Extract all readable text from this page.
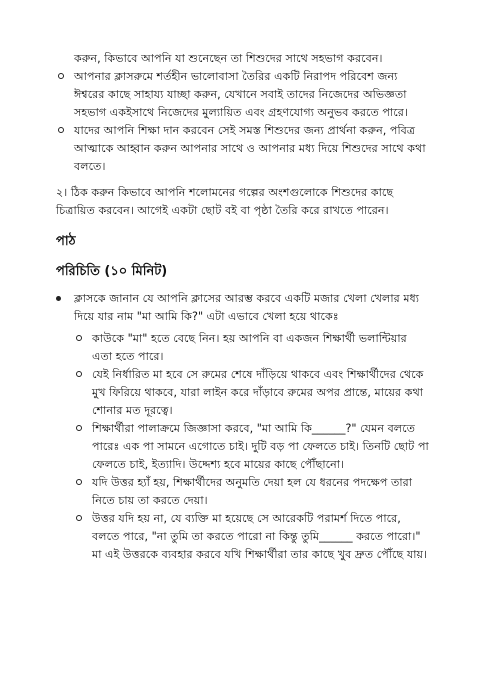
করুন, কিভাবে আপনি যা শুনেছেন তা শিশুদের সাথে সহভাগ করবেন।
আপনার ক্লাসরুমে শর্তহীন ভালোবাসা তৈরির একটি নিরাপদ পরিবেশ জন্য ঈশ্বরের কাছে সাহায্য যাচ্ছা করুন, যেখানে সবাই তাদের নিজেদের অভিজ্ঞতা সহভাগ একইসাথে নিজেদের মুল্যায়িত এবং গ্রহণযোগ্য অনুভব করতে পারে।
যাদের আপনি শিক্ষা দান করবেন সেই সমস্ত শিশুদের জন্য প্রার্থনা করুন, পবিত্র আত্মাকে আহ্বান করুন আপনার সাথে ও আপনার মধ্য দিয়ে শিশুদের সাথে কথা বলতে।

২। ঠিক করুন কিভাবে আপনি শলোমনের গল্পের অংশগুলোকে শিশুদের কাছে চিত্রায়িত করবেন। আগেই একটা ছোট বই বা পৃষ্ঠা তৈরি করে রাখতে পারেন।

পাঠ
পরিচিতি (১০ মিনিট)
ক্লাসকে জানান যে আপনি ক্লাসের আরম্ভ করবে একটি মজার খেলা খেলার মধ্য দিয়ে যার নাম "মা আমি কি?" এটা এভাবে খেলা হয়ে থাকেঃ
কাউকে "মা" হতে বেছে নিন। হয় আপনি বা একজন শিক্ষার্থী ভলান্টিয়ার এতা হতে পারে।
যেই নির্ধারিত মা হবে সে রুমের শেষে দাঁড়িয়ে থাকবে এবং শিক্ষার্থীদের থেকে মুখ ফিরিয়ে থাকবে, যারা লাইন করে দাঁড়াবে রুমের অপর প্রান্তে, মায়ের কথা শোনার মত দূরত্বে।
শিক্ষার্থীরা পালাক্রমে জিজ্ঞাসা করবে, "মা আমি কি______?" যেমন বলতে পারেঃ এক পা সামনে এগোতে চাই। দুটি বড় পা ফেলতে চাই। তিনটি ছোট পা ফেলতে চাই, ইত্যাদি। উদ্দেশ্য হবে মায়ের কাছে পৌঁছানো।
যদি উত্তর হ্যাঁ হয়, শিক্ষার্থীদের অনুমতি দেয়া হল যে ধরনের পদক্ষেপ তারা নিতে চায় তা করতে দেয়া।
উত্তর যদি হয় না, যে ব্যক্তি মা হয়েছে সে আরেকটি পরামর্শ দিতে পারে, বলতে পারে, "না তুমি তা করতে পারো না কিন্তু তুমি______ করতে পারো।" মা এই উত্তরকে ব্যবহার করবে যখি শিক্ষার্থীরা তার কাছে খুব দ্রুত পৌঁছে যায়।
